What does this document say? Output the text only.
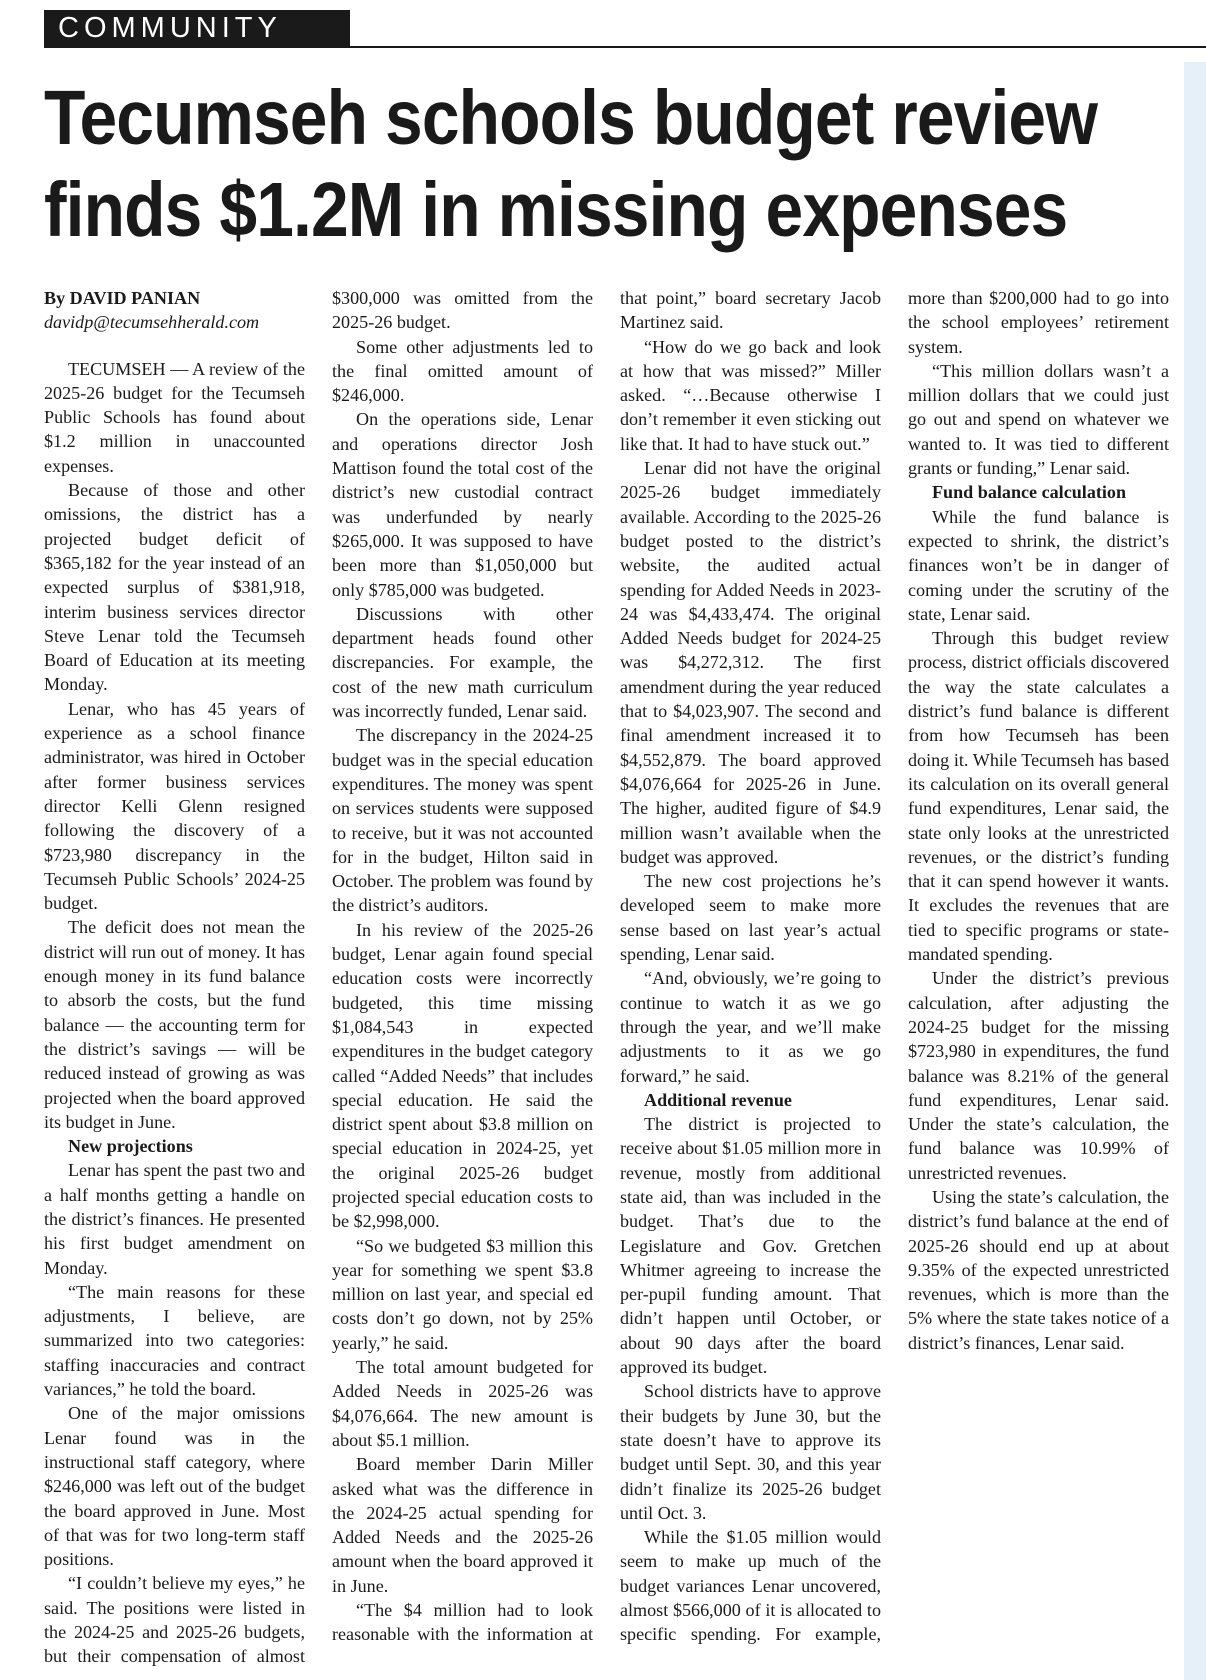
COMMUNITY
Tecumseh schools budget review
finds $1.2M in missing expenses

By DAVID PANIAN

davidp@tecumsehherald.com

TECUMSEH — A review of the 2025-26 budget for the Tecumseh Public Schools has found about $1.2 million in unaccounted expenses.

Because of those and other omissions, the district has a projected budget deficit of $365,182 for the year instead of an expected surplus of $381,918, interim business services director Steve Lenar told the Tecumseh Board of Education at its meeting Monday.

Lenar, who has 45 years of experience as a school finance administrator, was hired in October after former business services director Kelli Glenn resigned following the discovery of a $723,980 discrepancy in the Tecumseh Public Schools’ 2024-25 budget.

The deficit does not mean the district will run out of money. It has enough money in its fund balance to absorb the costs, but the fund balance — the accounting term for the district’s savings — will be reduced instead of growing as was projected when the board approved its budget in June.

New projections

Lenar has spent the past two and a half months getting a handle on the district’s finances. He presented his first budget amendment on Monday.

“The main reasons for these adjustments, I believe, are summarized into two categories: staffing inaccuracies and contract variances,” he told the board.

One of the major omissions Lenar found was in the instructional staff category, where $246,000 was left out of the budget the board approved in June. Most of that was for two long-term staff positions.

“I couldn’t believe my eyes,” he said. The positions were listed in the 2024-25 and 2025-26 budgets, but their compensation of almost $300,000 was omitted from the 2025-26 budget.

Some other adjustments led to the final omitted amount of $246,000.

On the operations side, Lenar and operations director Josh Mattison found the total cost of the district’s new custodial contract was underfunded by nearly $265,000. It was supposed to have been more than $1,050,000 but only $785,000 was budgeted.

Discussions with other department heads found other discrepancies. For example, the cost of the new math curriculum was incorrectly funded, Lenar said.

The discrepancy in the 2024-25 budget was in the special education expenditures. The money was spent on services students were supposed to receive, but it was not accounted for in the budget, Hilton said in October. The problem was found by the district’s auditors.

In his review of the 2025-26 budget, Lenar again found special education costs were incorrectly budgeted, this time missing $1,084,543 in expected expenditures in the budget category called “Added Needs” that includes special education. He said the district spent about $3.8 million on special education in 2024-25, yet the original 2025-26 budget projected special education costs to be $2,998,000.

“So we budgeted $3 million this year for something we spent $3.8 million on last year, and special ed costs don’t go down, not by 25% yearly,” he said.

The total amount budgeted for Added Needs in 2025-26 was $4,076,664. The new amount is about $5.1 million.

Board member Darin Miller asked what was the difference in the 2024-25 actual spending for Added Needs and the 2025-26 amount when the board approved it in June.

“The $4 million had to look reasonable with the information at that point,” board secretary Jacob Martinez said.

“How do we go back and look at how that was missed?” Miller asked. “…Because otherwise I don’t remember it even sticking out like that. It had to have stuck out.”

Lenar did not have the original 2025-26 budget immediately available. According to the 2025-26 budget posted to the district’s website, the audited actual spending for Added Needs in 2023-24 was $4,433,474. The original Added Needs budget for 2024-25 was $4,272,312. The first amendment during the year reduced that to $4,023,907. The second and final amendment increased it to $4,552,879. The board approved $4,076,664 for 2025-26 in June. The higher, audited figure of $4.9 million wasn’t available when the budget was approved.

The new cost projections he’s developed seem to make more sense based on last year’s actual spending, Lenar said.

“And, obviously, we’re going to continue to watch it as we go through the year, and we’ll make adjustments to it as we go forward,” he said.

Additional revenue

The district is projected to receive about $1.05 million more in revenue, mostly from additional state aid, than was included in the budget. That’s due to the Legislature and Gov. Gretchen Whitmer agreeing to increase the per-pupil funding amount. That didn’t happen until October, or about 90 days after the board approved its budget.

School districts have to approve their budgets by June 30, but the state doesn’t have to approve its budget until Sept. 30, and this year didn’t finalize its 2025-26 budget until Oct. 3.

While the $1.05 million would seem to make up much of the budget variances Lenar uncovered, almost $566,000 of it is allocated to specific spending. For example, more than $200,000 had to go into the school employees’ retirement system.

“This million dollars wasn’t a million dollars that we could just go out and spend on whatever we wanted to. It was tied to different grants or funding,” Lenar said.

Fund balance calculation

While the fund balance is expected to shrink, the district’s finances won’t be in danger of coming under the scrutiny of the state, Lenar said.

Through this budget review process, district officials discovered the way the state calculates a district’s fund balance is different from how Tecumseh has been doing it. While Tecumseh has based its calculation on its overall general fund expenditures, Lenar said, the state only looks at the unrestricted revenues, or the district’s funding that it can spend however it wants. It excludes the revenues that are tied to specific programs or state-mandated spending.

Under the district’s previous calculation, after adjusting the 2024-25 budget for the missing $723,980 in expenditures, the fund balance was 8.21% of the general fund expenditures, Lenar said. Under the state’s calculation, the fund balance was 10.99% of unrestricted revenues.

Using the state’s calculation, the district’s fund balance at the end of 2025-26 should end up at about 9.35% of the expected unrestricted revenues, which is more than the 5% where the state takes notice of a district’s finances, Lenar said.
